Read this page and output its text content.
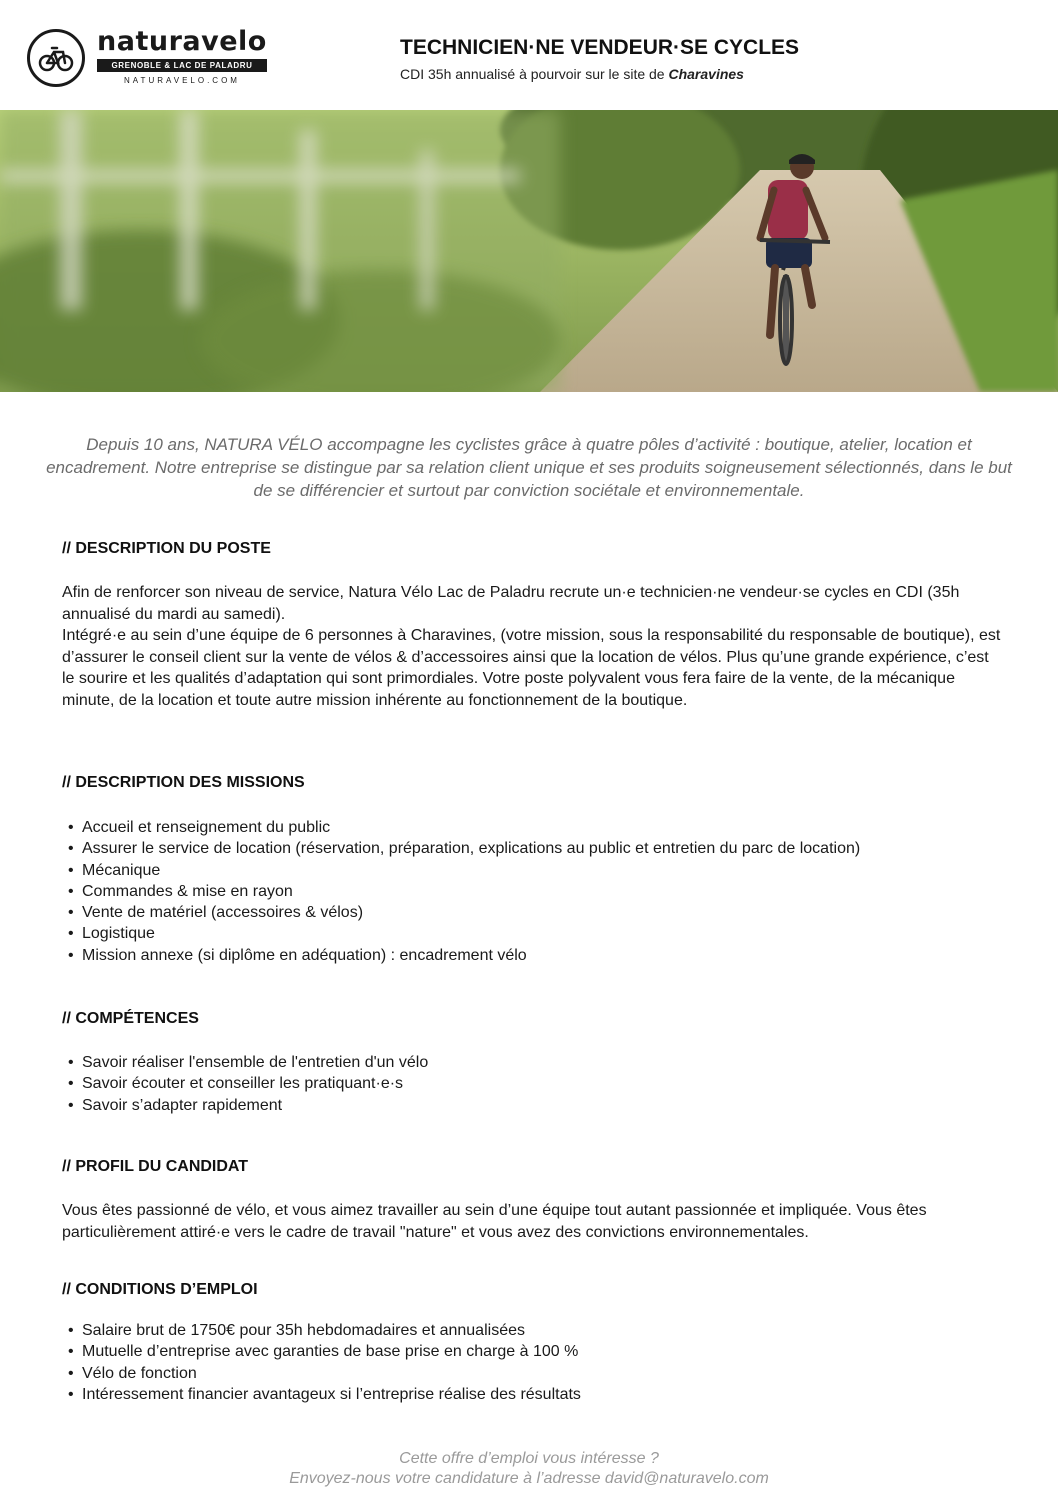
naturavelo
GRENOBLE & LAC DE PALADRU
NATURAVELO.COM
TECHNICIEN·NE VENDEUR·SE CYCLES
CDI 35h annualisé à pourvoir sur le site de Charavines
Depuis 10 ans, NATURA VÉLO accompagne les cyclistes grâce à quatre pôles d’activité : boutique, atelier, location et encadrement. Notre entreprise se distingue par sa relation client unique et ses produits soigneusement sélectionnés, dans le but de se différencier et surtout par conviction sociétale et environnementale.
// DESCRIPTION DU POSTE

Afin de renforcer son niveau de service, Natura Vélo Lac de Paladru recrute un·e technicien·ne vendeur·se cycles en CDI (35h annualisé du mardi au samedi).

Intégré·e au sein d’une équipe de 6 personnes à Charavines, (votre mission, sous la responsabilité du responsable de boutique), est d’assurer le conseil client sur la vente de vélos & d’accessoires ainsi que la location de vélos. Plus qu’une grande expérience, c’est le sourire et les qualités d’adaptation qui sont primordiales. Votre poste polyvalent vous fera faire de la vente, de la mécanique minute, de la location et toute autre mission inhérente au fonctionnement de la boutique.

// DESCRIPTION DES MISSIONS
• Accueil et renseignement du public
• Assurer le service de location (réservation, préparation, explications au public et entretien du parc de location)
• Mécanique
• Commandes & mise en rayon
• Vente de matériel (accessoires & vélos)
• Logistique
• Mission annexe (si diplôme en adéquation) : encadrement vélo
// COMPÉTENCES
• Savoir réaliser l'ensemble de l'entretien d'un vélo
• Savoir écouter et conseiller les pratiquant·e·s
• Savoir s’adapter rapidement
// PROFIL DU CANDIDAT
Vous êtes passionné de vélo, et vous aimez travailler au sein d’une équipe tout autant passionnée et impliquée. Vous êtes particulièrement attiré·e vers le cadre de travail "nature" et vous avez des convictions environnementales.
// CONDITIONS D’EMPLOI
• Salaire brut de 1750€ pour 35h hebdomadaires et annualisées
• Mutuelle d’entreprise avec garanties de base prise en charge à 100 %
• Vélo de fonction
• Intéressement financier avantageux si l’entreprise réalise des résultats
Cette offre d’emploi vous intéresse ?
Envoyez-nous votre candidature à l’adresse david@naturavelo.com
